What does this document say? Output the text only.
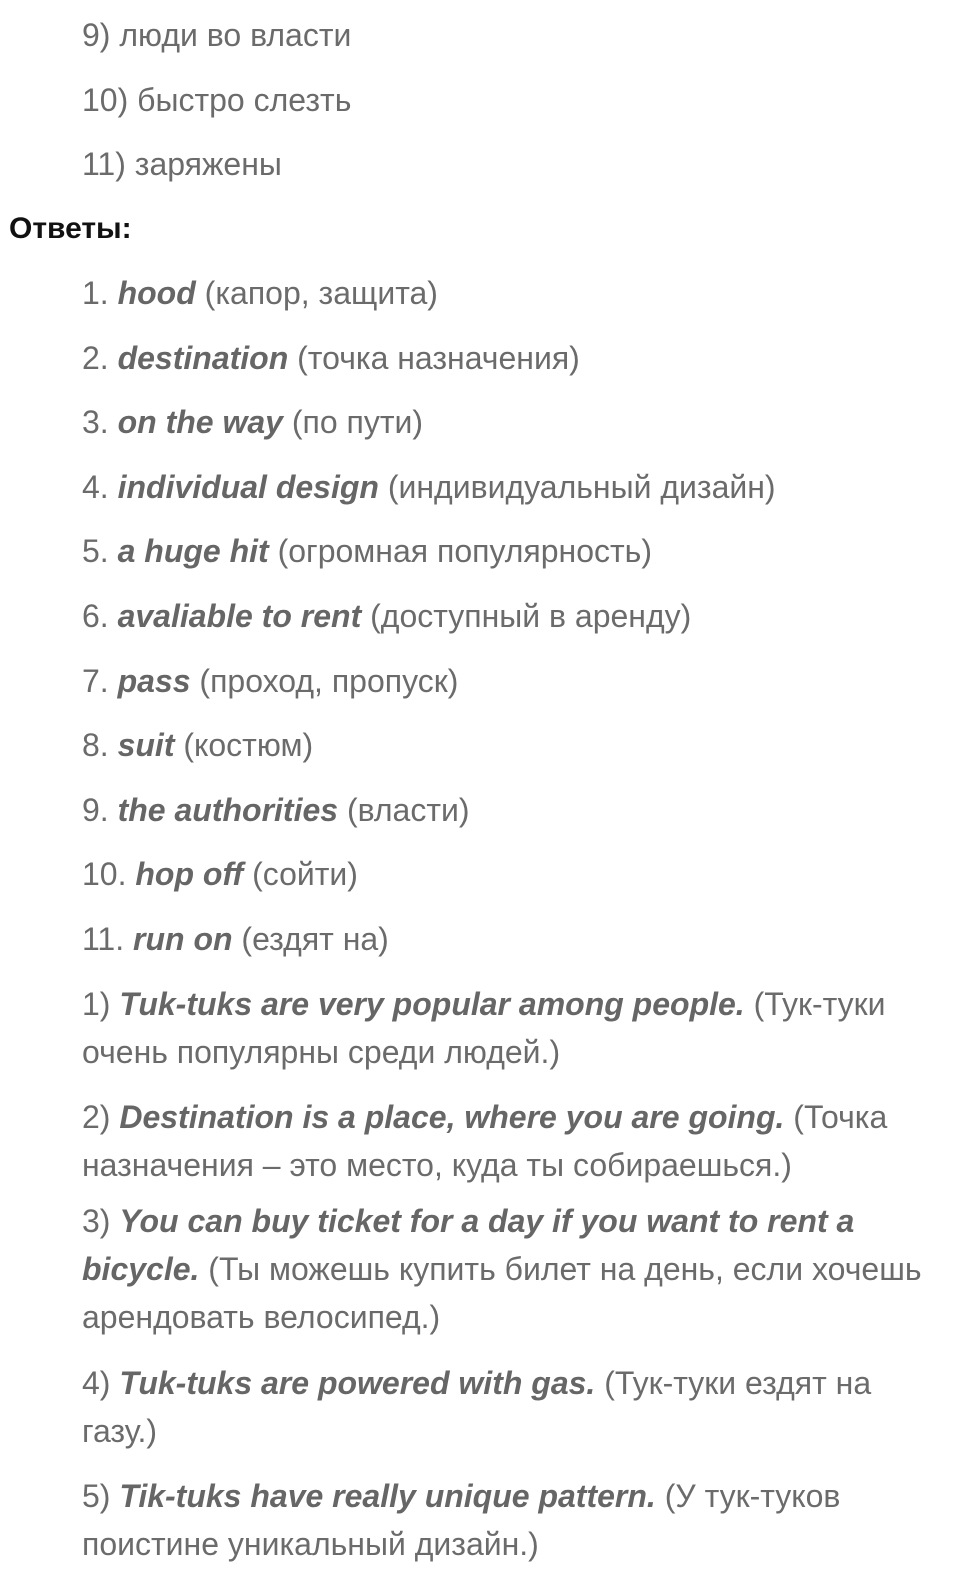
9) люди во власти
10) быстро слезть
11) заряжены
Ответы:
1. hood (капор, защита)
2. destination (точка назначения)
3. on the way (по пути)
4. individual design (индивидуальный дизайн)
5. a huge hit (огромная популярность)
6. avaliable to rent (доступный в аренду)
7. pass (проход, пропуск)
8. suit (костюм)
9. the authorities (власти)
10. hop off (сойти)
11. run on (ездят на)
1) Tuk-tuks are very popular among people. (Тук-туки
очень популярны среди людей.)
2) Destination is a place, where you are going. (Точка
назначения – это место, куда ты собираешься.)
3) You can buy ticket for a day if you want to rent a
bicycle. (Ты можешь купить билет на день, если хочешь
арендовать велосипед.)
4) Tuk-tuks are powered with gas. (Тук-туки ездят на
газу.)
5) Tik-tuks have really unique pattern. (У тук-туков
поистине уникальный дизайн.)
